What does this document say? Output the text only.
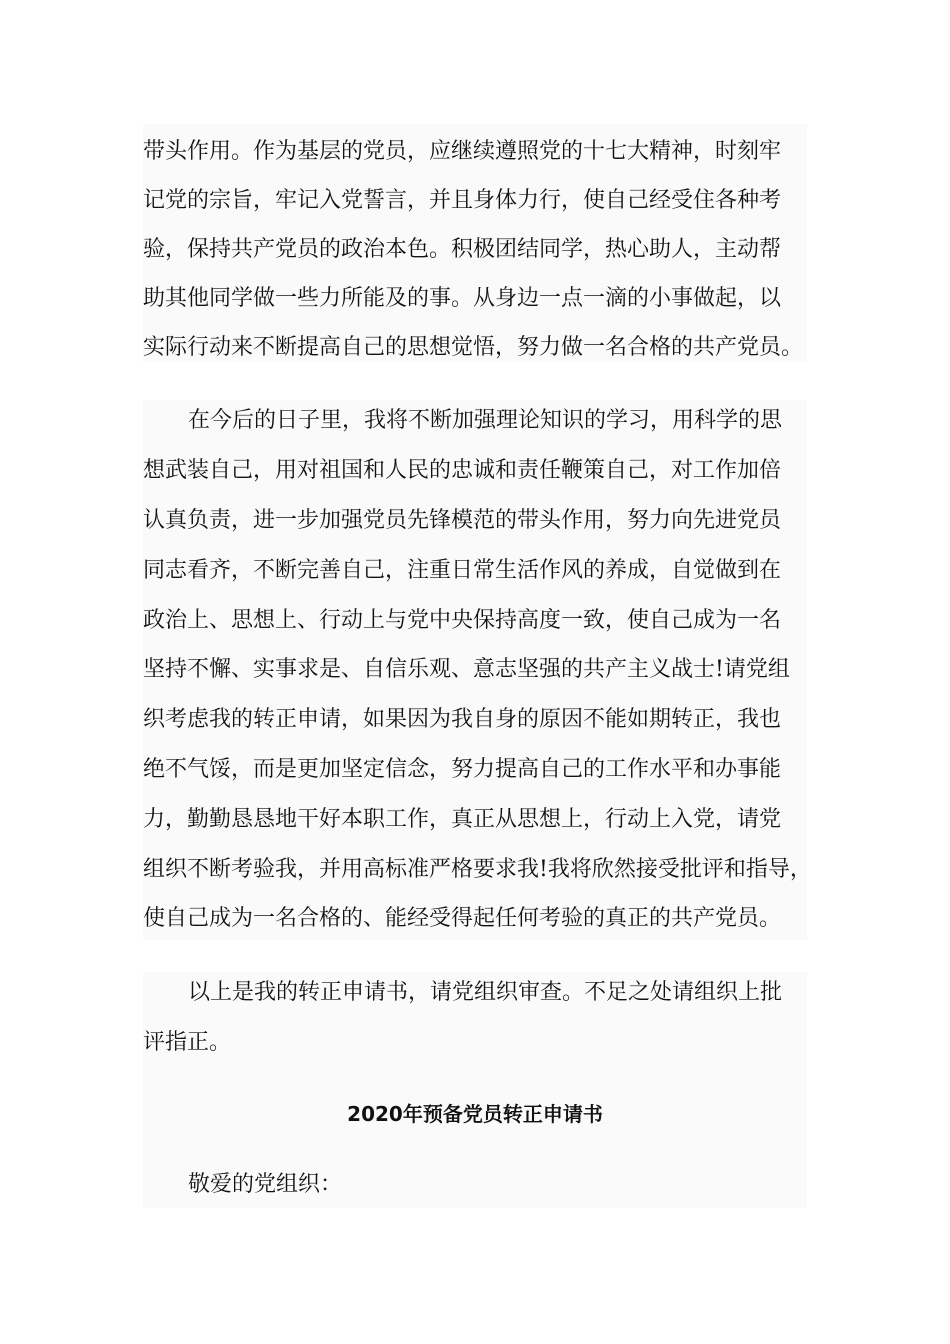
带头作用。作为基层的党员，应继续遵照党的十七大精神，时刻牢
记党的宗旨，牢记入党誓言，并且身体力行，使自己经受住各种考
验，保持共产党员的政治本色。积极团结同学，热心助人，主动帮
助其他同学做一些力所能及的事。从身边一点一滴的小事做起，以
实际行动来不断提高自己的思想觉悟，努力做一名合格的共产党员。
在今后的日子里，我将不断加强理论知识的学习，用科学的思
想武装自己，用对祖国和人民的忠诚和责任鞭策自己，对工作加倍
认真负责，进一步加强党员先锋模范的带头作用，努力向先进党员
同志看齐，不断完善自己，注重日常生活作风的养成，自觉做到在
政治上、思想上、行动上与党中央保持高度一致，使自己成为一名
坚持不懈、实事求是、自信乐观、意志坚强的共产主义战士!请党组
织考虑我的转正申请，如果因为我自身的原因不能如期转正，我也
绝不气馁，而是更加坚定信念，努力提高自己的工作水平和办事能
力，勤勤恳恳地干好本职工作，真正从思想上，行动上入党，请党
组织不断考验我，并用高标准严格要求我!我将欣然接受批评和指导，
使自己成为一名合格的、能经受得起任何考验的真正的共产党员。
以上是我的转正申请书，请党组织审查。不足之处请组织上批
评指正。
2020年预备党员转正申请书
敬爱的党组织：
